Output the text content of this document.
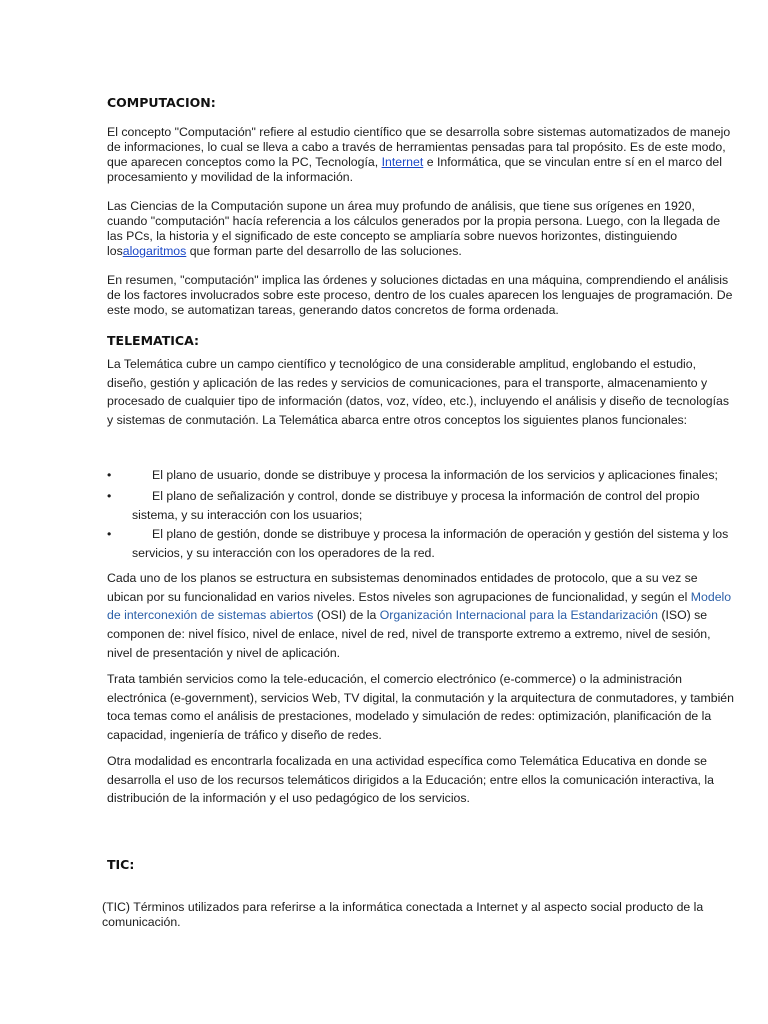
COMPUTACION:

El concepto "Computación" refiere al estudio científico que se desarrolla sobre sistemas automatizados de manejo de informaciones, lo cual se lleva a cabo a través de herramientas pensadas para tal propósito. Es de este modo, que aparecen conceptos como la PC, Tecnología, Internet e Informática, que se vinculan entre sí en el marco del procesamiento y movilidad de la información.

Las Ciencias de la Computación supone un área muy profundo de análisis, que tiene sus orígenes en 1920, cuando "computación" hacía referencia a los cálculos generados por la propia persona. Luego, con la llegada de las PCs, la historia y el significado de este concepto se ampliaría sobre nuevos horizontes, distinguiendo losalogaritmos que forman parte del desarrollo de las soluciones.

En resumen, "computación" implica las órdenes y soluciones dictadas en una máquina, comprendiendo el análisis de los factores involucrados sobre este proceso, dentro de los cuales aparecen los lenguajes de programación. De este modo, se automatizan tareas, generando datos concretos de forma ordenada.

TELEMATICA:

La Telemática cubre un campo científico y tecnológico de una considerable amplitud, englobando el estudio, diseño, gestión y aplicación de las redes y servicios de comunicaciones, para el transporte, almacenamiento y procesado de cualquier tipo de información (datos, voz, vídeo, etc.), incluyendo el análisis y diseño de tecnologías y sistemas de conmutación. La Telemática abarca entre otros conceptos los siguientes planos funcionales:

•	El plano de usuario, donde se distribuye y procesa la información de los servicios y aplicaciones finales;
•	El plano de señalización y control, donde se distribuye y procesa la información de control del propio sistema, y su interacción con los usuarios;
•	El plano de gestión, donde se distribuye y procesa la información de operación y gestión del sistema y los servicios, y su interacción con los operadores de la red.

Cada uno de los planos se estructura en subsistemas denominados entidades de protocolo, que a su vez se ubican por su funcionalidad en varios niveles. Estos niveles son agrupaciones de funcionalidad, y según el Modelo de interconexión de sistemas abiertos (OSI) de la Organización Internacional para la Estandarización (ISO) se componen de: nivel físico, nivel de enlace, nivel de red, nivel de transporte extremo a extremo, nivel de sesión, nivel de presentación y nivel de aplicación.

Trata también servicios como la tele-educación, el comercio electrónico (e-commerce) o la administración electrónica (e-government), servicios Web, TV digital, la conmutación y la arquitectura de conmutadores, y también toca temas como el análisis de prestaciones, modelado y simulación de redes: optimización, planificación de la capacidad, ingeniería de tráfico y diseño de redes.

Otra modalidad es encontrarla focalizada en una actividad específica como Telemática Educativa en donde se desarrolla el uso de los recursos telemáticos dirigidos a la Educación; entre ellos la comunicación interactiva, la distribución de la información y el uso pedagógico de los servicios.

TIC:

(TIC) Términos utilizados para referirse a la informática conectada a Internet y al aspecto social producto de la comunicación.
